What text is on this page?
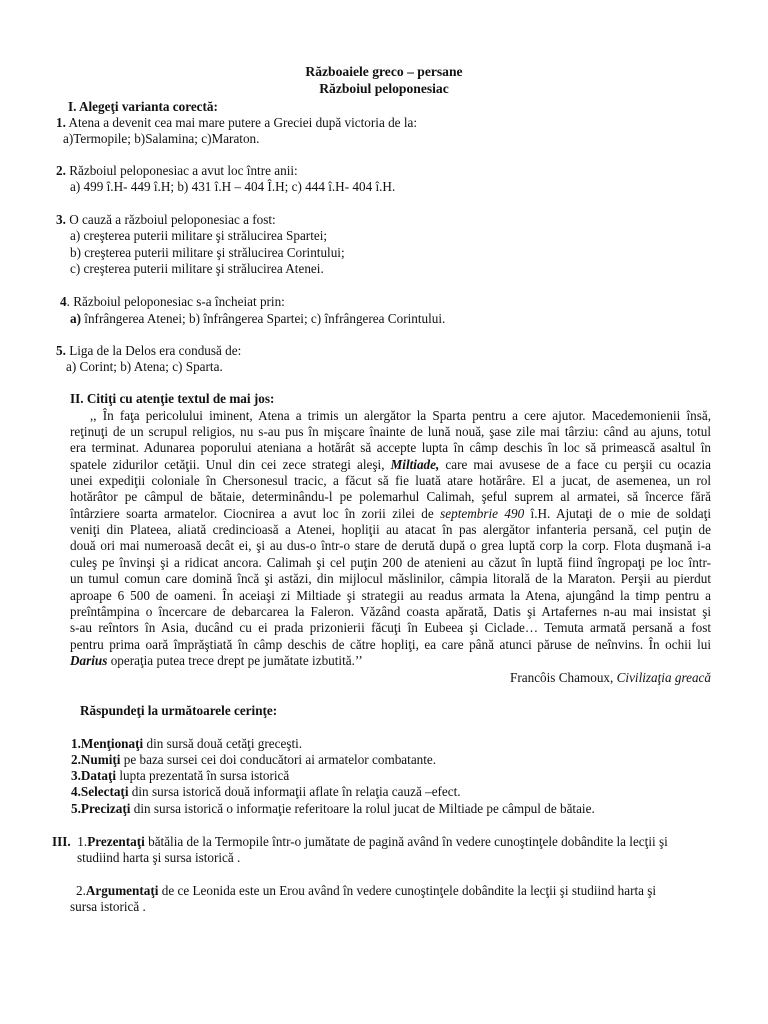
Războaiele greco – persane
Războiul peloponesiac
I. Alegeţi varianta corectă:
1. Atena a devenit cea mai mare putere a Greciei după victoria de la:
a)Termopile; b)Salamina; c)Maraton.
2. Războiul peloponesiac a avut loc între anii:
a) 499 î.H- 449 î.H; b) 431 î.H – 404 Î.H; c) 444 î.H- 404 î.H.
3. O cauză a războiul peloponesiac a fost:
a) creşterea puterii militare şi strălucirea Spartei;
b) creşterea puterii militare şi strălucirea Corintului;
c) creşterea puterii militare şi strălucirea Atenei.
4. Războiul peloponesiac s-a încheiat prin:
a) înfrângerea Atenei; b) înfrângerea Spartei; c) înfrângerea Corintului.
5. Liga de la Delos era condusă de:
a) Corint; b) Atena; c) Sparta.
II. Citiţi cu atenţie textul de mai jos:
,, În faţa pericolului iminent, Atena a trimis un alergător la Sparta pentru a cere ajutor. Macedemonienii însă,
reţinuţi de un scrupul religios, nu s-au pus în mişcare înainte de lună nouă, şase zile mai târziu: când au ajuns, totul
era terminat. Adunarea poporului ateniana a hotărât să accepte lupta în câmp deschis în loc să primească asaltul în
spatele zidurilor cetăţii. Unul din cei zece strategi aleşi, Miltiade, care mai avusese de a face cu perşii cu ocazia
unei expediţii coloniale în Chersonesul tracic, a făcut să fie luată atare hotărâre. El a jucat, de asemenea, un rol
hotărâtor pe câmpul de bătaie, determinându-l pe polemarhul Calimah, şeful suprem al armatei, să încerce fără
întârziere soarta armatelor. Ciocnirea a avut loc în zorii zilei de septembrie 490 î.H. Ajutaţi de o mie de soldaţi
veniţi din Plateea, aliată credincioasă a Atenei, hopliţii au atacat în pas alergător infanteria persană, cel puţin de
două ori mai numeroasă decât ei, şi au dus-o într-o stare de derută după o grea luptă corp la corp. Flota duşmană i-a
culeş pe învinşi şi a ridicat ancora. Calimah şi cel puţin 200 de atenieni au căzut în luptă fiind îngropaţi pe loc într-
un tumul comun care domină încă şi astăzi, din mijlocul măslinilor, câmpia litorală de la Maraton. Perşii au pierdut
aproape 6 500 de oameni. În aceiaşi zi Miltiade şi strategii au readus armata la Atena, ajungând la timp pentru a
preîntâmpina o încercare de debarcarea la Faleron. Văzând coasta apărată, Datis şi Artafernes n-au mai insistat şi
s-au reîntors în Asia, ducând cu ei prada prizonierii făcuţi în Eubeea şi Ciclade… Temuta armată persană a fost
pentru prima oară împrăştiată în câmp deschis de către hopliţi, ea care până atunci păruse de neînvins. În ochii lui
Darius operaţia putea trece drept pe jumătate izbutită.’’
Francôis Chamoux, Civilizaţia greacă
Răspundeţi la următoarele cerinţe:
1.Menţionaţi din sursă două cetăţi greceşti.
2.Numiţi pe baza sursei cei doi conducători ai armatelor combatante.
3.Dataţi lupta prezentată în sursa istorică
4.Selectaţi din sursa istorică două informaţii aflate în relaţia cauză –efect.
5.Precizaţi din sursa istorică o informaţie referitoare la rolul jucat de Miltiade pe câmpul de bătaie.
III.  1.Prezentaţi bătălia de la Termopile într-o jumătate de pagină având în vedere cunoştinţele dobândite la lecţii şi
studiind harta şi sursa istorică .
2.Argumentaţi de ce Leonida este un Erou având în vedere cunoştinţele dobândite la lecţii şi studiind harta şi
sursa istorică .
